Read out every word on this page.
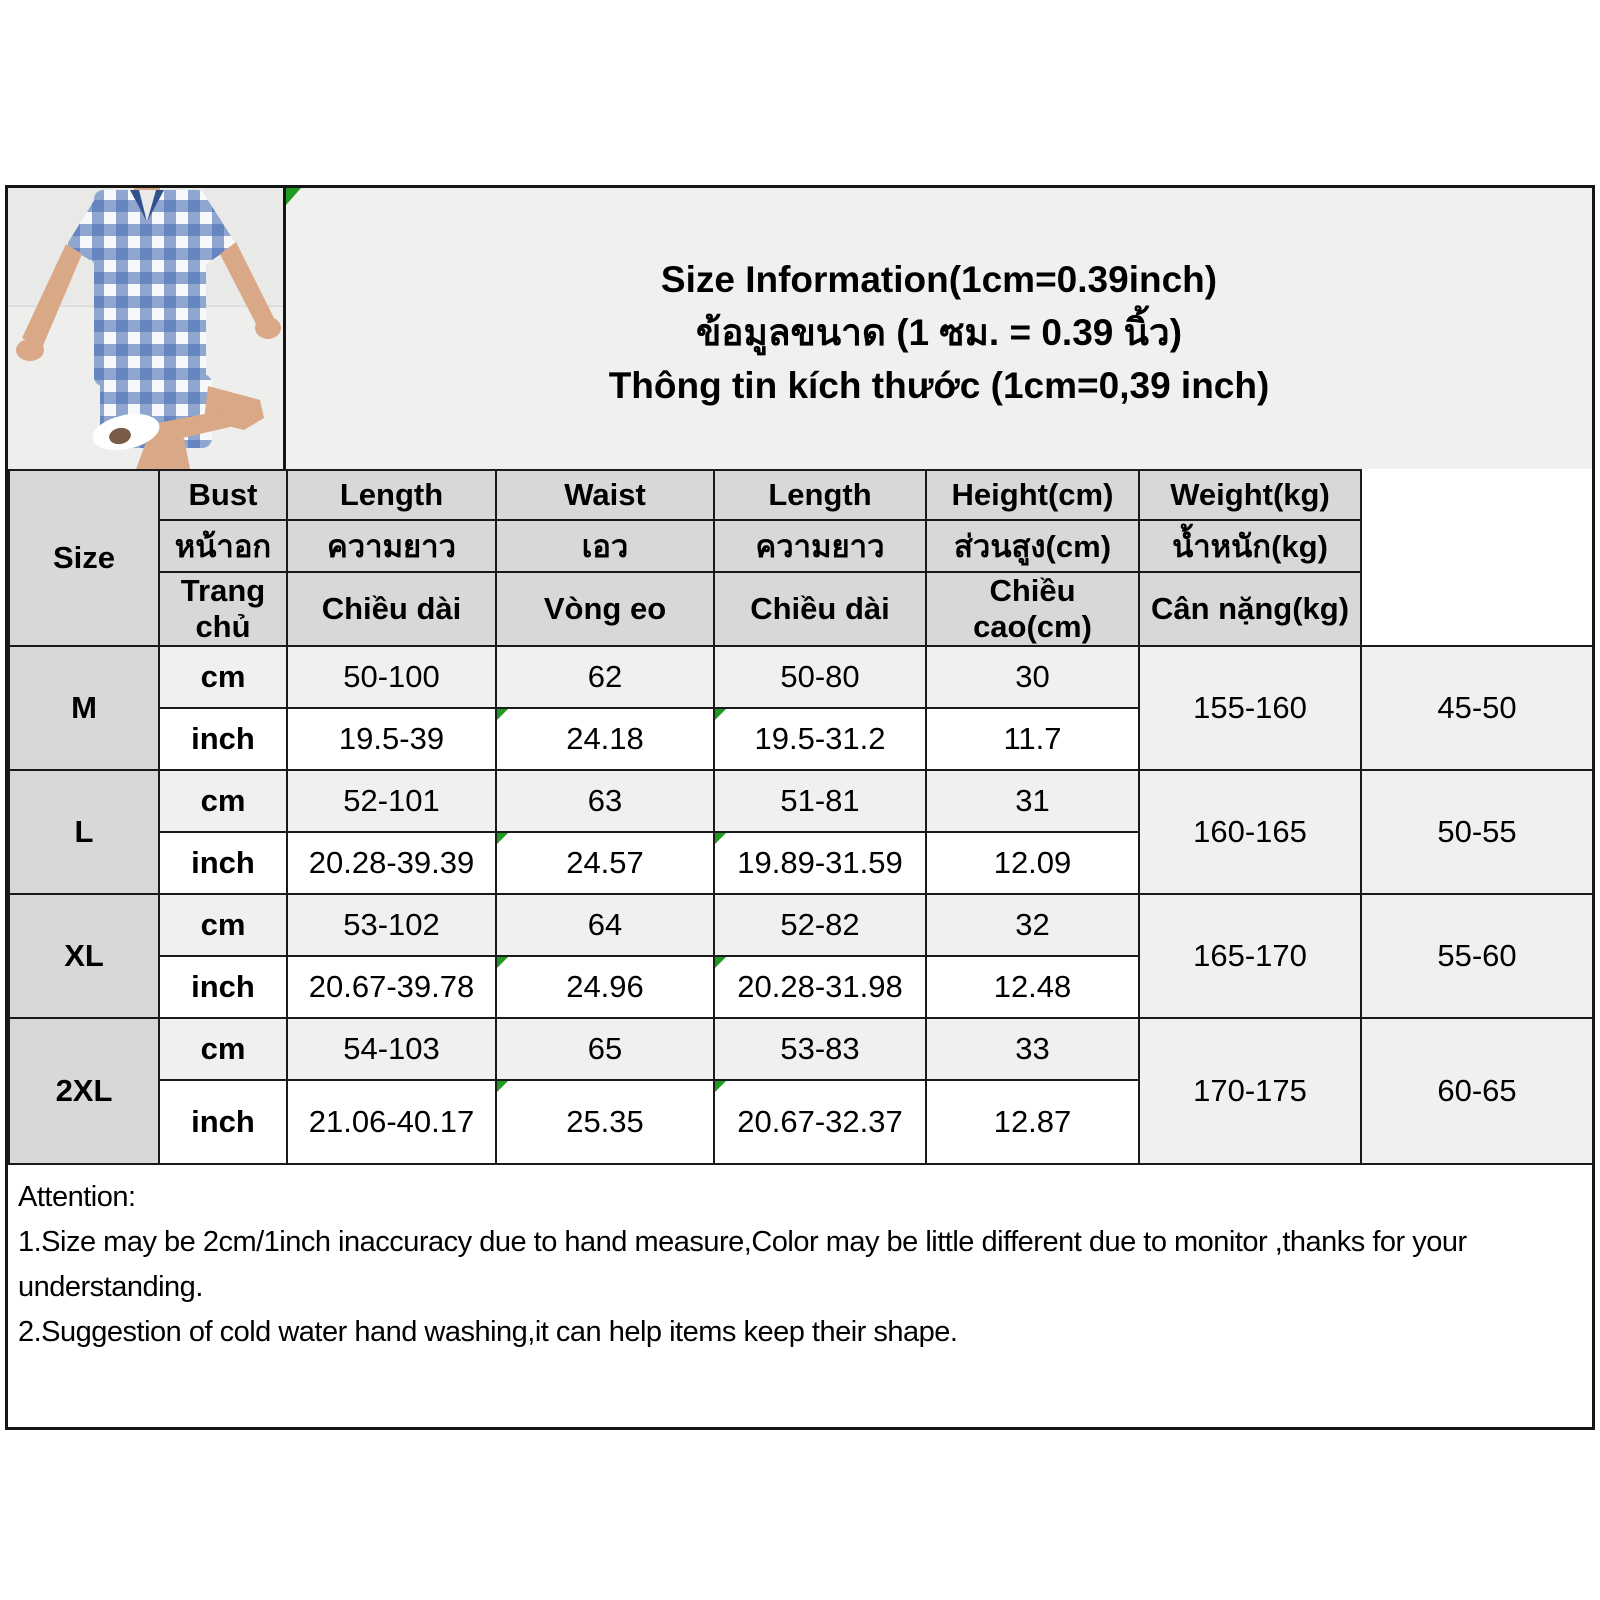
Size Information(1cm=0.39inch)
ข้อมูลขนาด (1 ซม. = 0.39 นิ้ว)
Thông tin kích thước (1cm=0,39 inch)
Size	Bust	Length	Waist	Length	Height(cm)	Weight(kg)	
	หน้าอก	ความยาว	เอว	ความยาว	ส่วนสูง(cm)	น้ำหนัก(kg)	
	Trang chủ	Chiều dài	Vòng eo	Chiều dài	Chiều cao(cm)	Cân nặng(kg)	
M	cm	50-100	62	50-80	30	155-160	45-50
	inch	19.5-39	24.18	19.5-31.2	11.7		
L	cm	52-101	63	51-81	31	160-165	50-55
	inch	20.28-39.39	24.57	19.89-31.59	12.09		
XL	cm	53-102	64	52-82	32	165-170	55-60
	inch	20.67-39.78	24.96	20.28-31.98	12.48		
2XL	cm	54-103	65	53-83	33	170-175	60-65
	inch	21.06-40.17	25.35	20.67-32.37	12.87		

Attention:

1.Size may be 2cm/1inch inaccuracy due to hand measure,Color may be little different due to monitor ,thanks for your understanding.

2.Suggestion of cold water hand washing,it can help items keep their shape.
